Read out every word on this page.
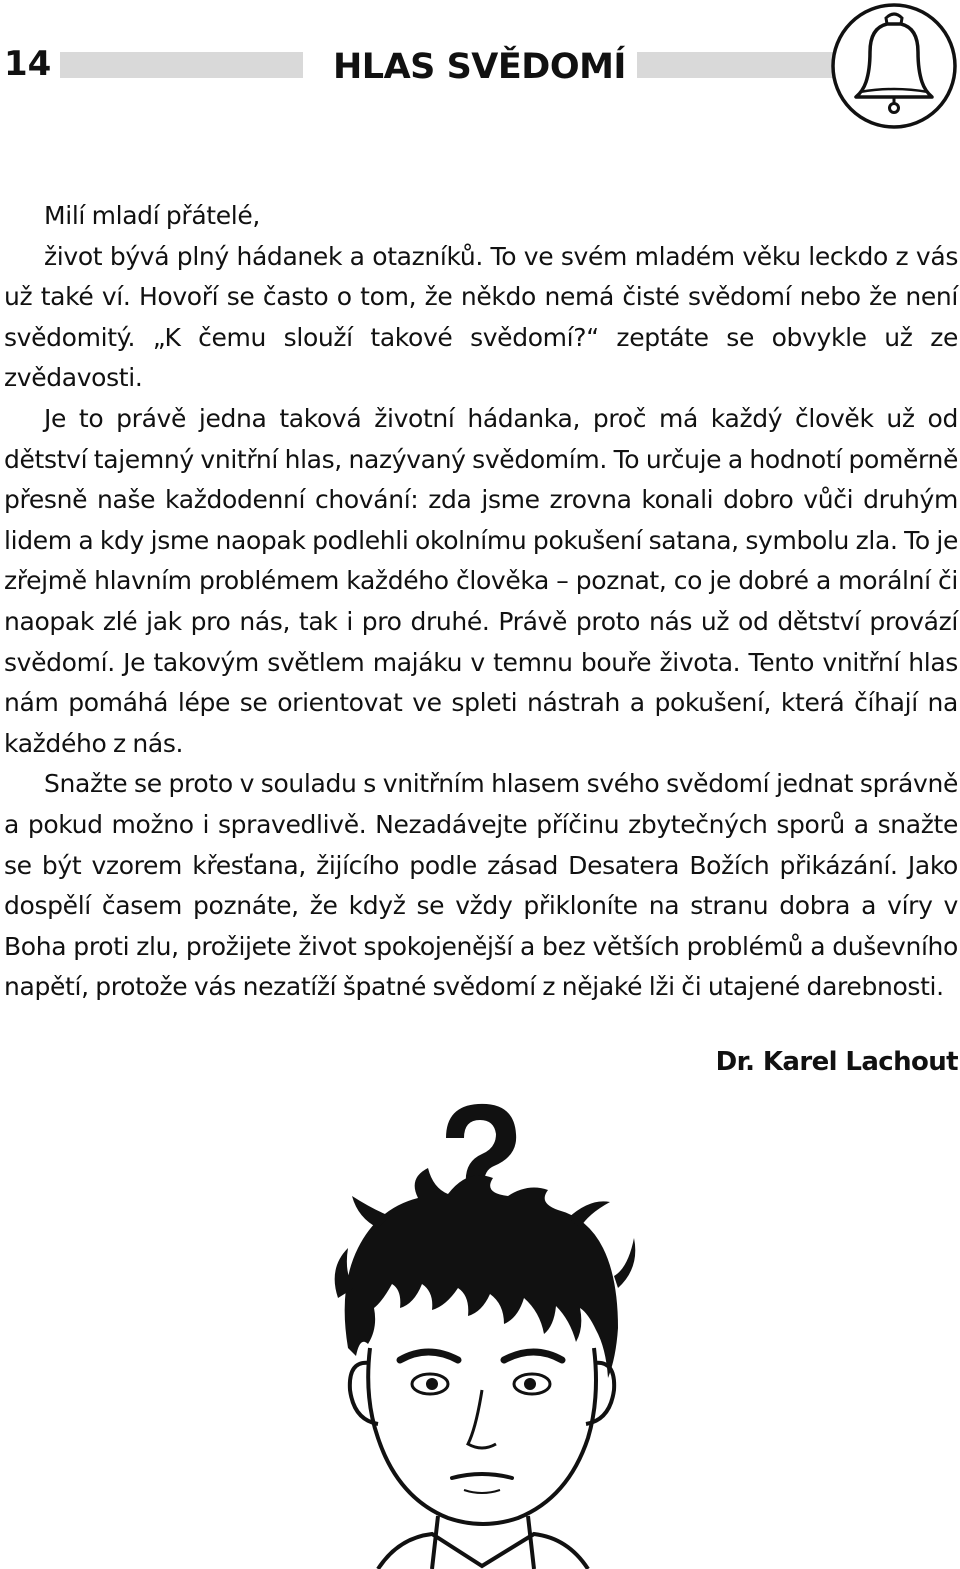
14	HLAS SVĚDOMÍ

Milí mladí přátelé,

život bývá plný hádanek a otazníků. To ve svém mladém věku leckdo z vás už také ví. Hovoří se často o tom, že někdo nemá čisté svědomí nebo že není svědomitý. „K čemu slouží takové svědomí?“ zeptáte se obvykle už ze zvědavosti.

Je to právě jedna taková životní hádanka, proč má každý člověk už od dětství tajemný vnitřní hlas, nazývaný svědomím. To určuje a hodnotí poměrně přesně naše každodenní chování: zda jsme zrovna konali dobro vůči druhým lidem a kdy jsme naopak podlehli okolnímu pokušení satana, symbolu zla. To je zřejmě hlavním problémem každého člověka – poznat, co je dobré a morální či naopak zlé jak pro nás, tak i pro druhé. Právě proto nás už od dětství provází svědomí. Je takovým světlem majáku v temnu bouře života. Tento vnitřní hlas nám pomáhá lépe se orientovat ve spleti nástrah a pokušení, která číhají na každého z nás.

Snažte se proto v souladu s vnitřním hlasem svého svědomí jednat správně a pokud možno i spravedlivě. Nezadávejte příčinu zbytečných sporů a snažte se být vzorem křesťana, žijícího podle zásad Desatera Božích přikázání. Jako dospělí časem poznáte, že když se vždy přikloníte na stranu dobra a víry v Boha proti zlu, prožijete život spokojenější a bez větších problémů a duševního napětí, protože vás nezatíží špatné svědomí z nějaké lži či utajené darebnosti.

Dr. Karel Lachout
